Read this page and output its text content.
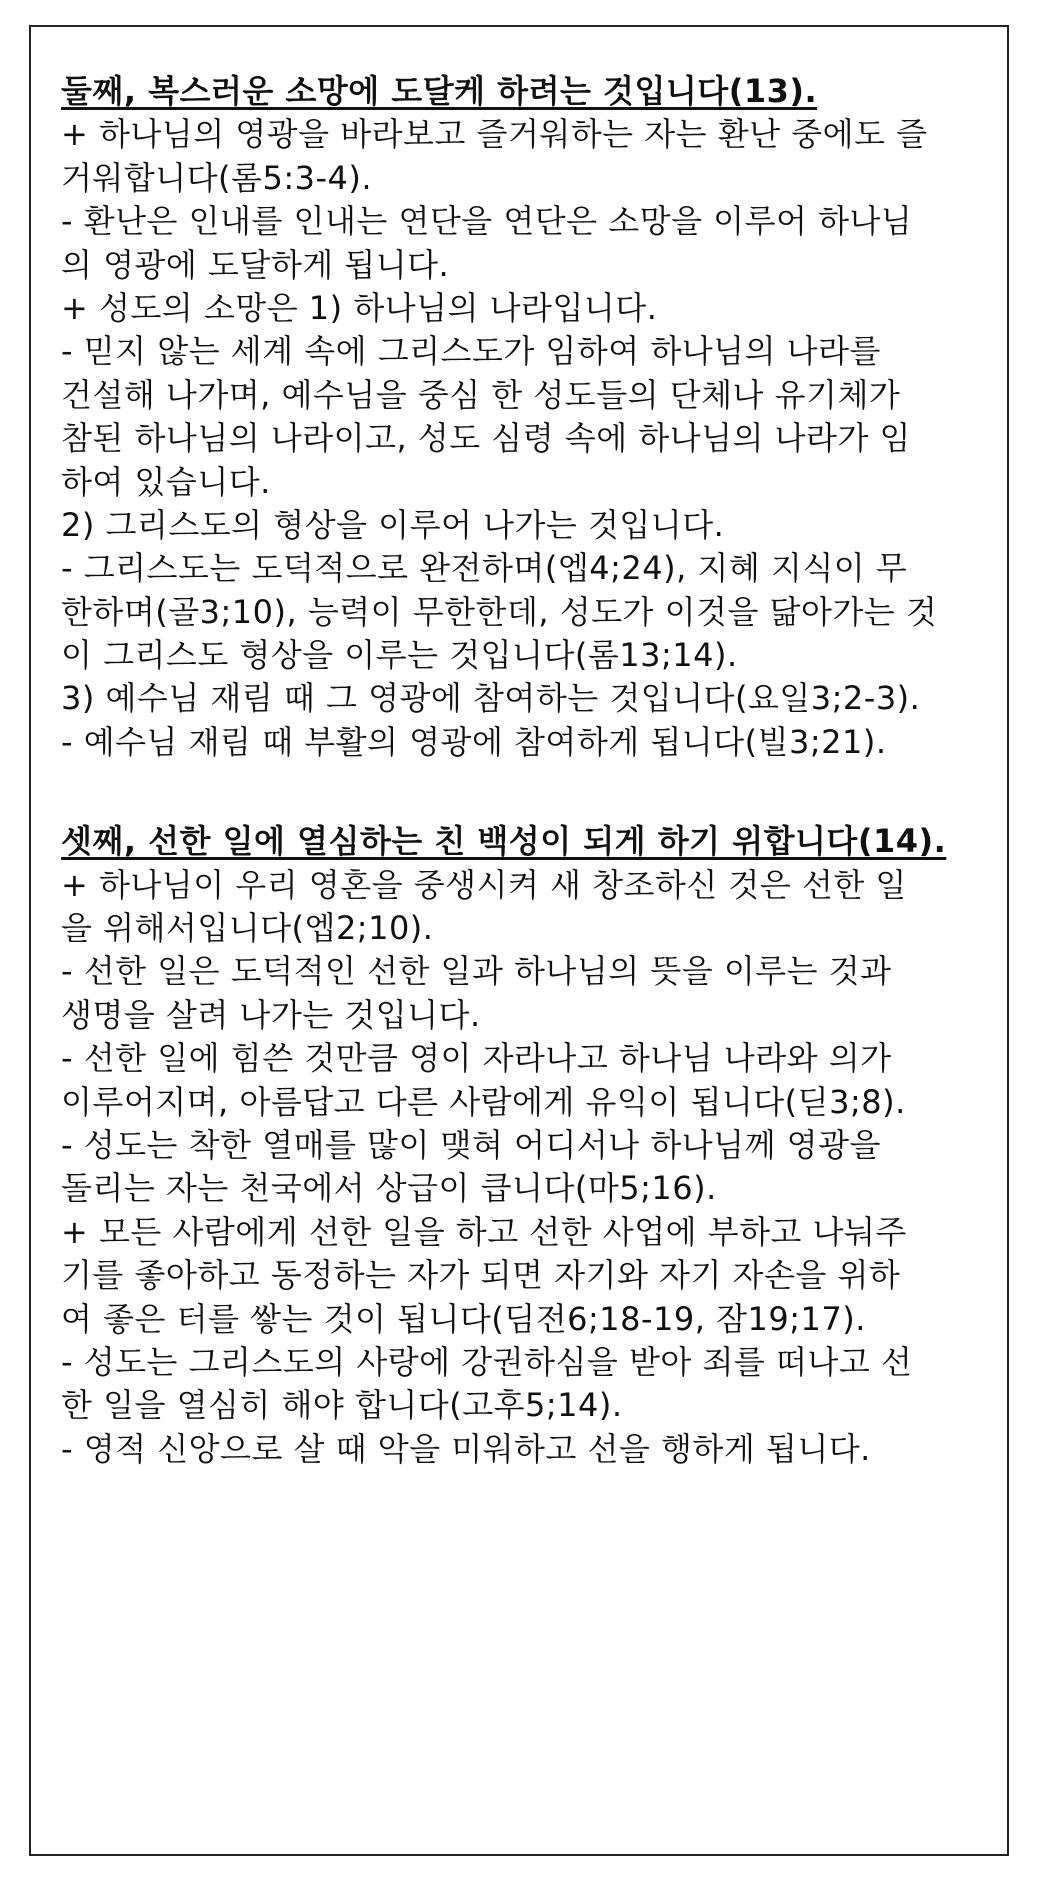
둘째, 복스러운 소망에 도달케 하려는 것입니다(13).
+ 하나님의 영광을 바라보고 즐거워하는 자는 환난 중에도 즐
거워합니다(롬5:3-4).
- 환난은 인내를 인내는 연단을 연단은 소망을 이루어 하나님
의 영광에 도달하게 됩니다.
+ 성도의 소망은 1) 하나님의 나라입니다.
- 믿지 않는 세계 속에 그리스도가 임하여 하나님의 나라를
건설해 나가며, 예수님을 중심 한 성도들의 단체나 유기체가
참된 하나님의 나라이고, 성도 심령 속에 하나님의 나라가 임
하여 있습니다.
2) 그리스도의 형상을 이루어 나가는 것입니다.
- 그리스도는 도덕적으로 완전하며(엡4;24), 지혜 지식이 무
한하며(골3;10), 능력이 무한한데, 성도가 이것을 닮아가는 것
이 그리스도 형상을 이루는 것입니다(롬13;14).
3) 예수님 재림 때 그 영광에 참여하는 것입니다(요일3;2-3).
- 예수님 재림 때 부활의 영광에 참여하게 됩니다(빌3;21).
셋째, 선한 일에 열심하는 친 백성이 되게 하기 위합니다(14).
+ 하나님이 우리 영혼을 중생시켜 새 창조하신 것은 선한 일
을 위해서입니다(엡2;10).
- 선한 일은 도덕적인 선한 일과 하나님의 뜻을 이루는 것과
생명을 살려 나가는 것입니다.
- 선한 일에 힘쓴 것만큼 영이 자라나고 하나님 나라와 의가
이루어지며, 아름답고 다른 사람에게 유익이 됩니다(딛3;8).
- 성도는 착한 열매를 많이 맺혀 어디서나 하나님께 영광을
돌리는 자는 천국에서 상급이 큽니다(마5;16).
+ 모든 사람에게 선한 일을 하고 선한 사업에 부하고 나눠주
기를 좋아하고 동정하는 자가 되면 자기와 자기 자손을 위하
여 좋은 터를 쌓는 것이 됩니다(딤전6;18-19, 잠19;17).
- 성도는 그리스도의 사랑에 강권하심을 받아 죄를 떠나고 선
한 일을 열심히 해야 합니다(고후5;14).
- 영적 신앙으로 살 때 악을 미워하고 선을 행하게 됩니다.
